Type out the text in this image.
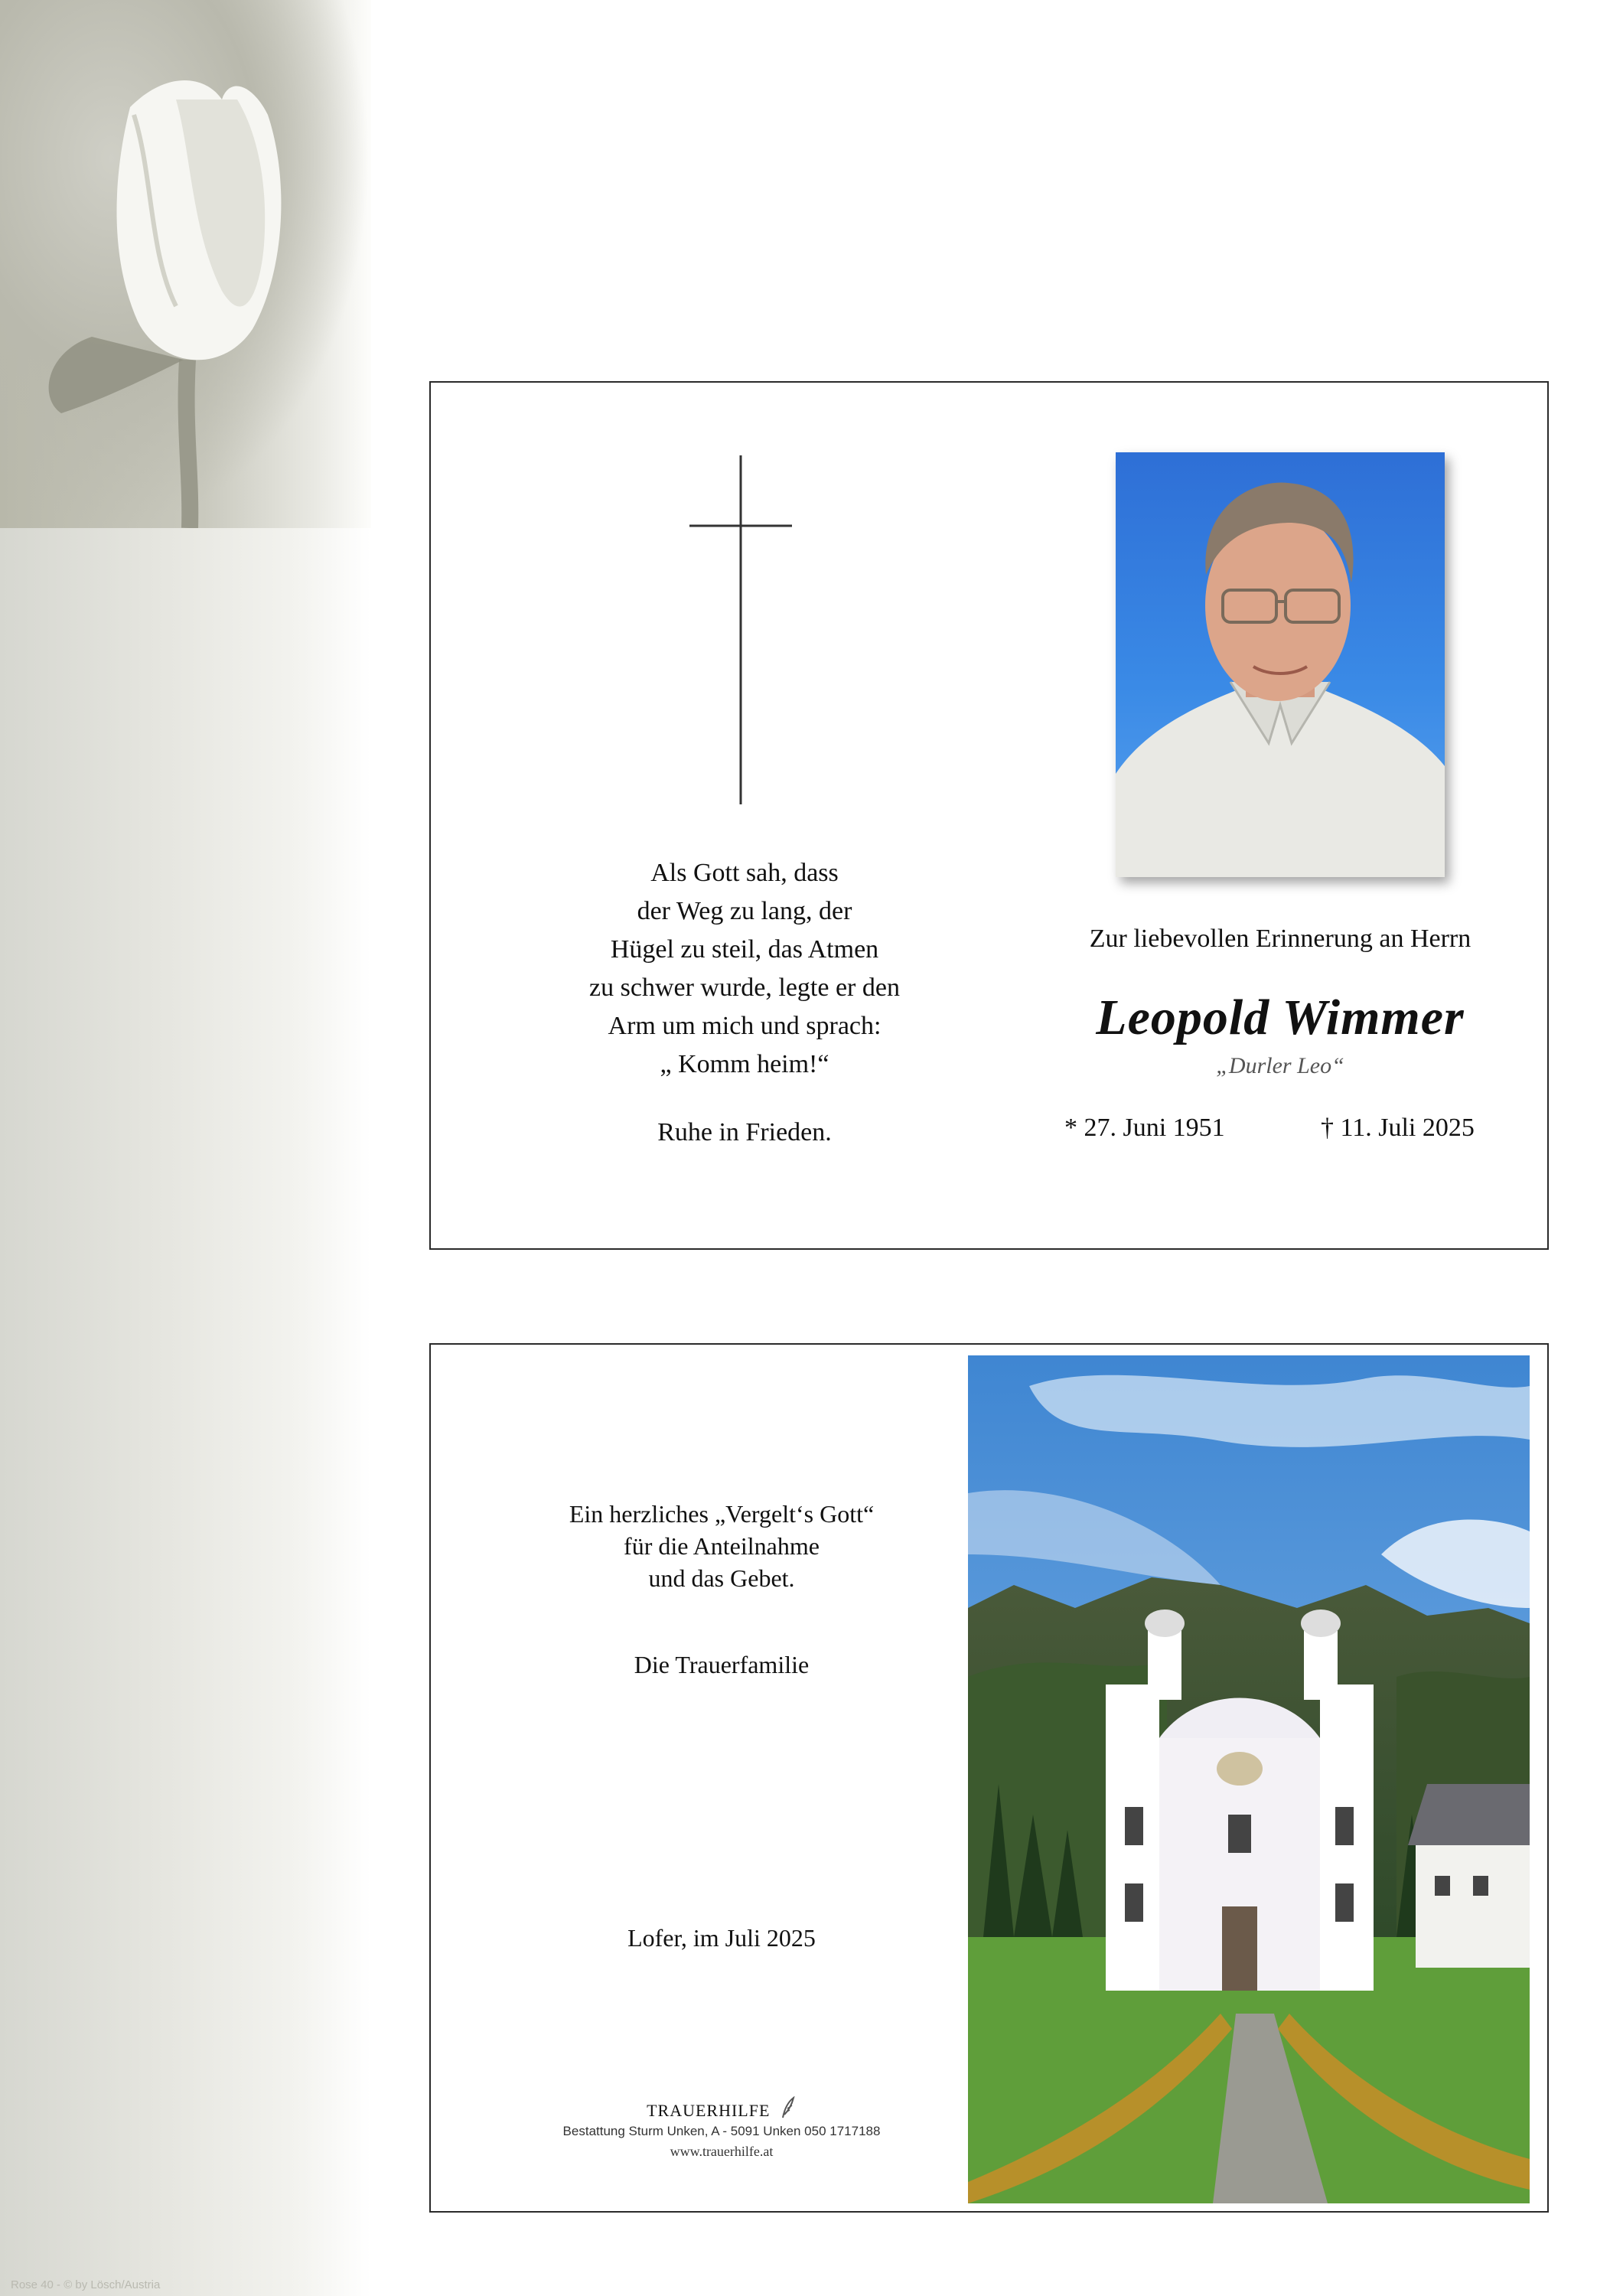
Rose 40 - © by Lösch/Austria
Als Gott sah, dass
der Weg zu lang, der
Hügel zu steil, das Atmen
zu schwer wurde, legte er den
Arm um mich und sprach:
„ Komm heim!“
Ruhe in Frieden.
Zur liebevollen Erinnerung an Herrn
Leopold Wimmer
„Durler Leo“
* 27. Juni 1951	† 11. Juli 2025
Ein herzliches „Vergelt‘s Gott“
für die Anteilnahme
und das Gebet.
Die Trauerfamilie
Lofer, im Juli 2025
TRAUERHILFE
Bestattung Sturm Unken, A - 5091 Unken 050 1717188
www.trauerhilfe.at
